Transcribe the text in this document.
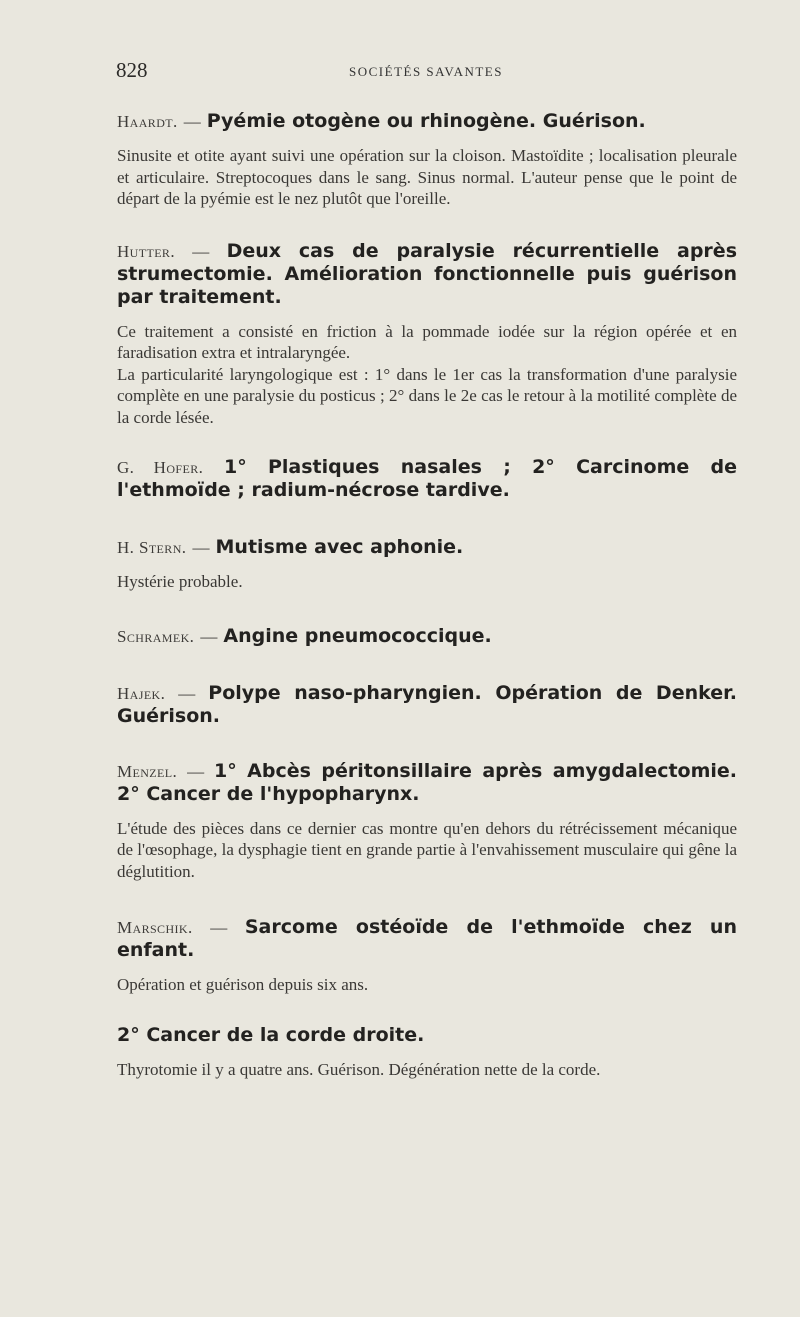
828	SOCIÉTÉS SAVANTES

Haardt. — Pyémie otogène ou rhinogène. Guérison.

Sinusite et otite ayant suivi une opération sur la cloison. Mastoïdite ; localisation pleurale et articulaire. Streptocoques dans le sang. Sinus normal. L'auteur pense que le point de départ de la pyémie est le nez plutôt que l'oreille.

Hutter. — Deux cas de paralysie récurrentielle après strumectomie. Amélioration fonctionnelle puis guérison par traitement.

Ce traitement a consisté en friction à la pommade iodée sur la région opérée et en faradisation extra et intralaryngée.

La particularité laryngologique est : 1° dans le 1er cas la transformation d'une paralysie complète en une paralysie du posticus ; 2° dans le 2e cas le retour à la motilité complète de la corde lésée.

G. Hofer. 1° Plastiques nasales ; 2° Carcinome de l'ethmoïde ; radium-nécrose tardive.

H. Stern. — Mutisme avec aphonie.

Hystérie probable.

Schramek. — Angine pneumococcique.

Hajek. — Polype naso-pharyngien. Opération de Denker. Guérison.

Menzel. — 1° Abcès péritonsillaire après amygdalectomie. 2° Cancer de l'hypopharynx.

L'étude des pièces dans ce dernier cas montre qu'en dehors du rétrécissement mécanique de l'œsophage, la dysphagie tient en grande partie à l'envahissement musculaire qui gêne la déglutition.

Marschik. — Sarcome ostéoïde de l'ethmoïde chez un enfant.

Opération et guérison depuis six ans.

2° Cancer de la corde droite.

Thyrotomie il y a quatre ans. Guérison. Dégénération nette de la corde.
